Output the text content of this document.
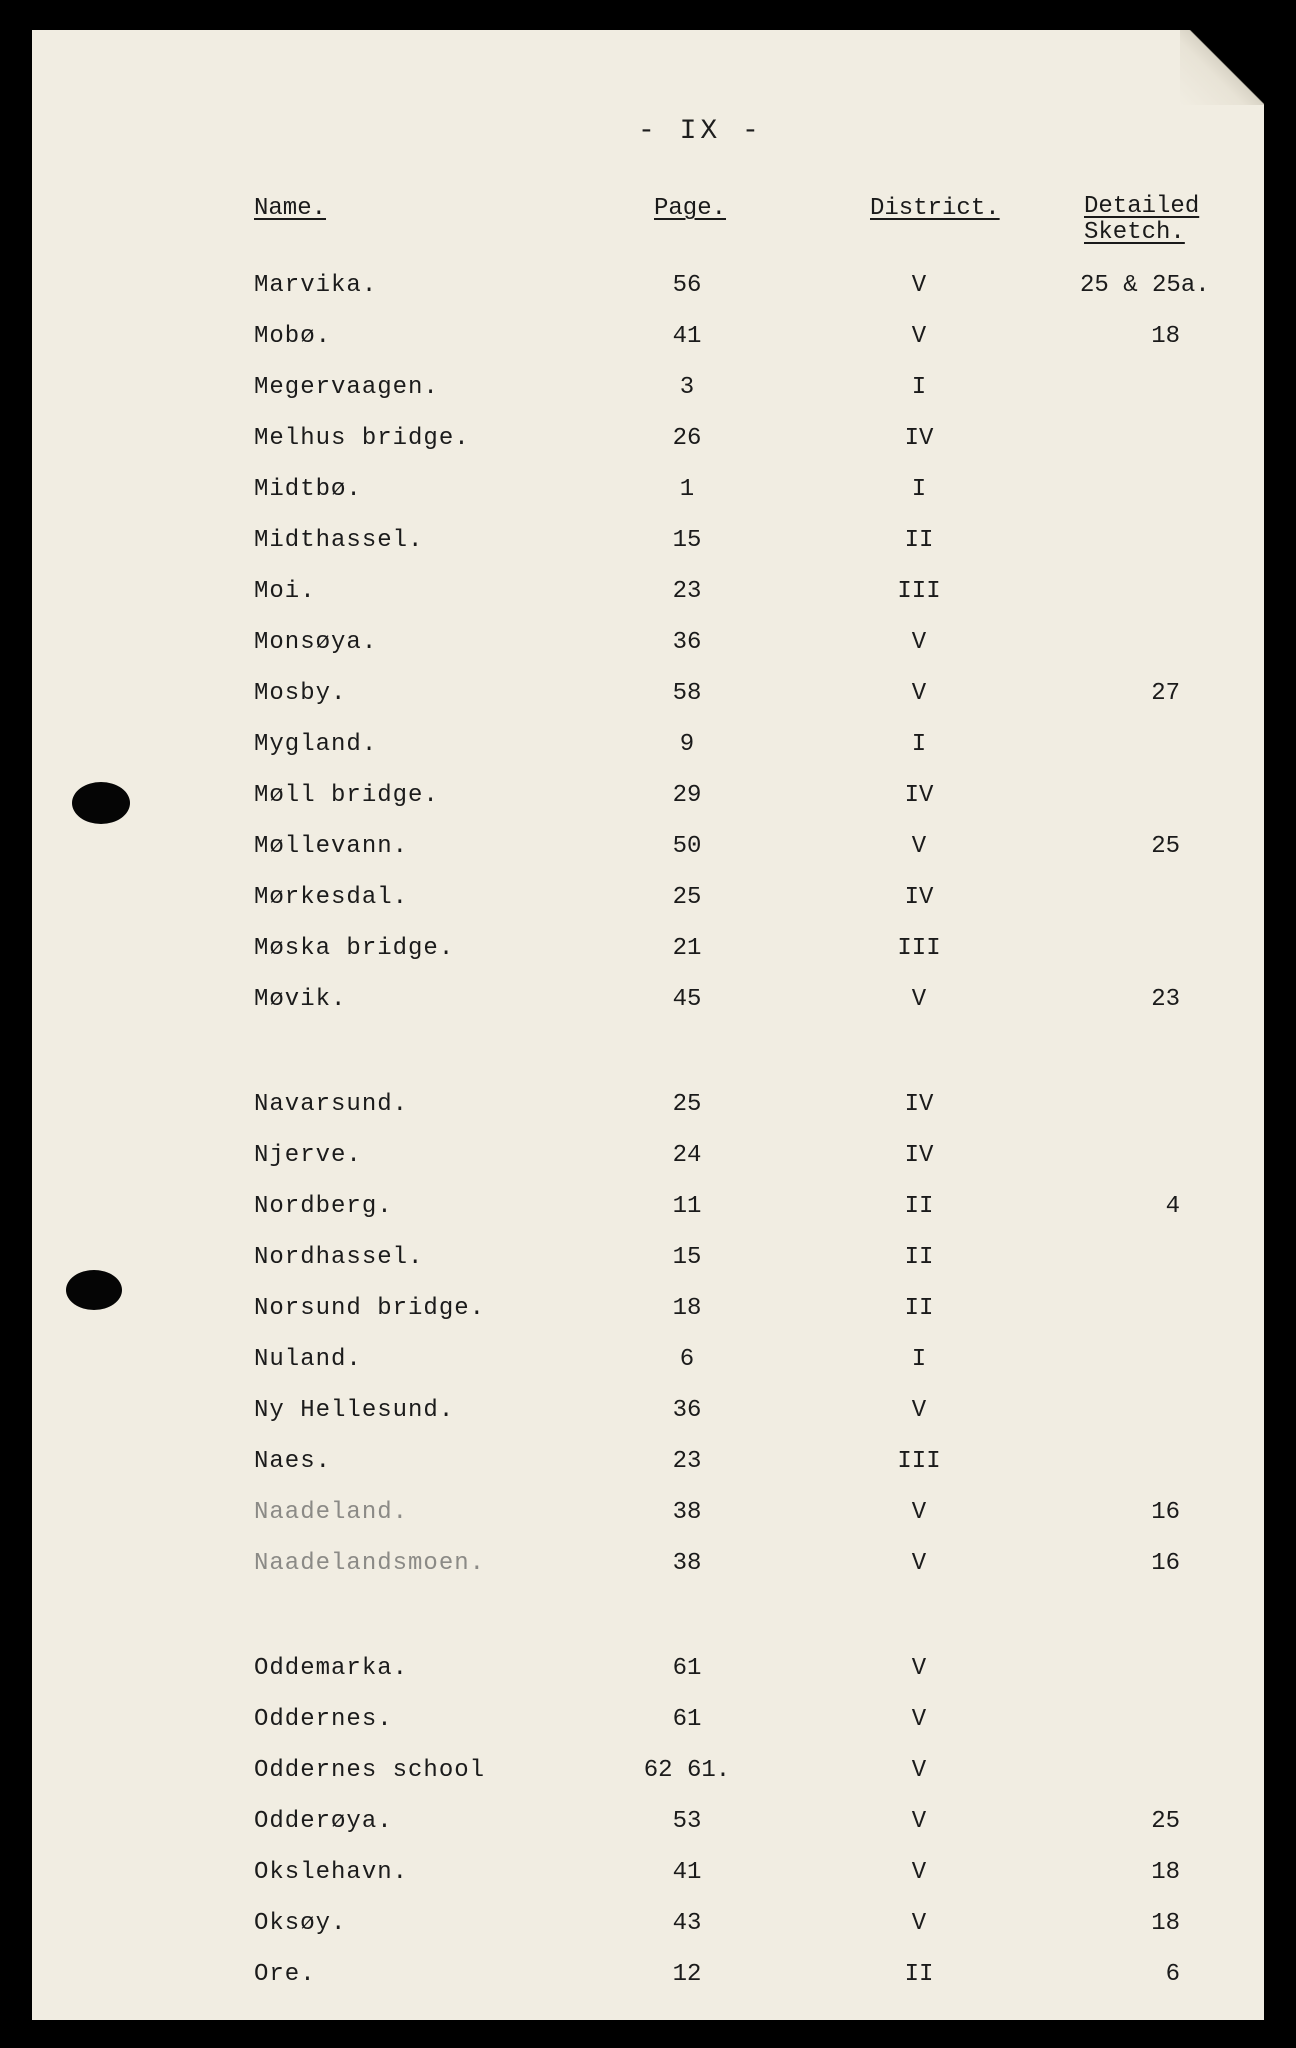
- IX -
Name.	Page.	District.	Detailed
Sketch.
Marvika.	56	V	25 & 25a.
Mobø.	41	V	18
Megervaagen.	3	I
Melhus bridge.	26	IV
Midtbø.	1	I
Midthassel.	15	II
Moi.	23	III
Monsøya.	36	V
Mosby.	58	V	27
Mygland.	9	I
Møll bridge.	29	IV
Møllevann.	50	V	25
Mørkesdal.	25	IV
Møska bridge.	21	III
Møvik.	45	V	23
Navarsund.	25	IV
Njerve.	24	IV
Nordberg.	11	II	4
Nordhassel.	15	II
Norsund bridge.	18	II
Nuland.	6	I
Ny Hellesund.	36	V
Naes.	23	III
Naadeland.	38	V	16
Naadelandsmoen.	38	V	16
Oddemarka.	61	V
Oddernes.	61	V
Oddernes school	62 61.	V
Odderøya.	53	V	25
Okslehavn.	41	V	18
Oksøy.	43	V	18
Ore.	12	II	6
